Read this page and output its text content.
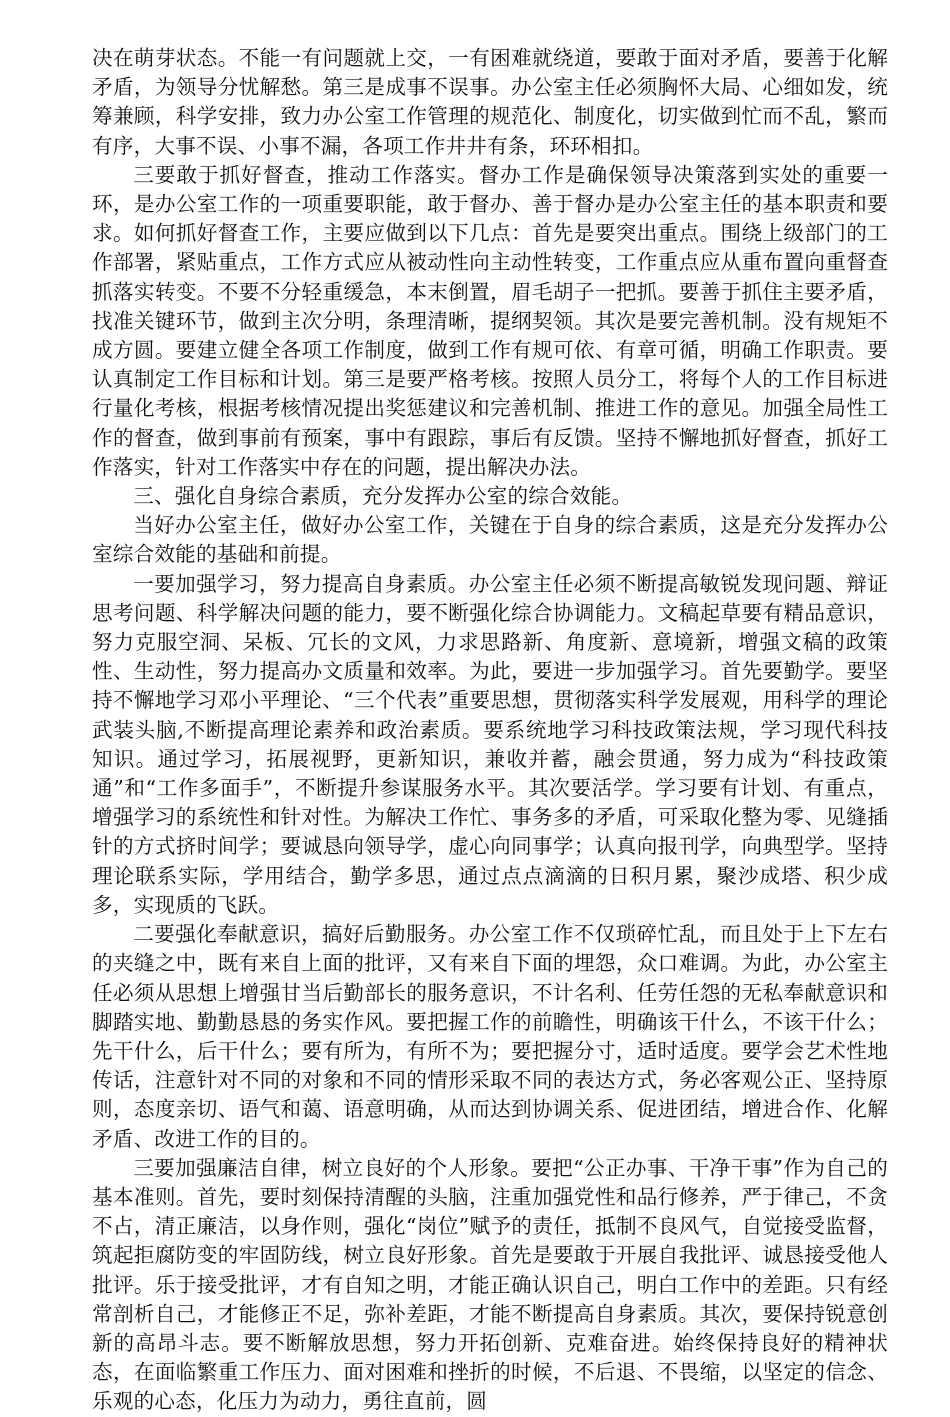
决在萌芽状态。不能一有问题就上交，一有困难就绕道，要敢于面对矛盾，要善于化解矛盾，为领导分忧解愁。第三是成事不误事。办公室主任必须胸怀大局、心细如发，统筹兼顾，科学安排，致力办公室工作管理的规范化、制度化，切实做到忙而不乱，繁而有序，大事不误、小事不漏，各项工作井井有条，环环相扣。

三要敢于抓好督查，推动工作落实。督办工作是确保领导决策落到实处的重要一环，是办公室工作的一项重要职能，敢于督办、善于督办是办公室主任的基本职责和要求。如何抓好督查工作，主要应做到以下几点：首先是要突出重点。围绕上级部门的工作部署，紧贴重点，工作方式应从被动性向主动性转变，工作重点应从重布置向重督查抓落实转变。不要不分轻重缓急，本末倒置，眉毛胡子一把抓。要善于抓住主要矛盾，找准关键环节，做到主次分明，条理清晰，提纲契领。其次是要完善机制。没有规矩不成方圆。要建立健全各项工作制度，做到工作有规可依、有章可循，明确工作职责。要认真制定工作目标和计划。第三是要严格考核。按照人员分工，将每个人的工作目标进行量化考核，根据考核情况提出奖惩建议和完善机制、推进工作的意见。加强全局性工作的督查，做到事前有预案，事中有跟踪，事后有反馈。坚持不懈地抓好督查，抓好工作落实，针对工作落实中存在的问题，提出解决办法。

三、强化自身综合素质，充分发挥办公室的综合效能。

当好办公室主任，做好办公室工作，关键在于自身的综合素质，这是充分发挥办公室综合效能的基础和前提。

一要加强学习，努力提高自身素质。办公室主任必须不断提高敏锐发现问题、辩证思考问题、科学解决问题的能力，要不断强化综合协调能力。文稿起草要有精品意识，努力克服空洞、呆板、冗长的文风，力求思路新、角度新、意境新，增强文稿的政策性、生动性，努力提高办文质量和效率。为此，要进一步加强学习。首先要勤学。要坚持不懈地学习邓小平理论、“三个代表”重要思想，贯彻落实科学发展观，用科学的理论武装头脑,不断提高理论素养和政治素质。要系统地学习科技政策法规，学习现代科技知识。通过学习，拓展视野，更新知识，兼收并蓄，融会贯通，努力成为“科技政策通”和“工作多面手”，不断提升参谋服务水平。其次要活学。学习要有计划、有重点，增强学习的系统性和针对性。为解决工作忙、事务多的矛盾，可采取化整为零、见缝插针的方式挤时间学；要诚恳向领导学，虚心向同事学；认真向报刊学，向典型学。坚持理论联系实际，学用结合，勤学多思，通过点点滴滴的日积月累，聚沙成塔、积少成多，实现质的飞跃。

二要强化奉献意识，搞好后勤服务。办公室工作不仅琐碎忙乱，而且处于上下左右的夹缝之中，既有来自上面的批评，又有来自下面的埋怨，众口难调。为此，办公室主任必须从思想上增强甘当后勤部长的服务意识，不计名利、任劳任怨的无私奉献意识和脚踏实地、勤勤恳恳的务实作风。要把握工作的前瞻性，明确该干什么，不该干什么；先干什么，后干什么；要有所为，有所不为；要把握分寸，适时适度。要学会艺术性地传话，注意针对不同的对象和不同的情形采取不同的表达方式，务必客观公正、坚持原则，态度亲切、语气和蔼、语意明确，从而达到协调关系、促进团结，增进合作、化解矛盾、改进工作的目的。

三要加强廉洁自律，树立良好的个人形象。要把“公正办事、干净干事”作为自己的基本准则。首先，要时刻保持清醒的头脑，注重加强党性和品行修养，严于律己，不贪不占，清正廉洁，以身作则，强化“岗位”赋予的责任，抵制不良风气，自觉接受监督，筑起拒腐防变的牢固防线，树立良好形象。首先是要敢于开展自我批评、诚恳接受他人批评。乐于接受批评，才有自知之明，才能正确认识自己，明白工作中的差距。只有经常剖析自己，才能修正不足，弥补差距，才能不断提高自身素质。其次，要保持锐意创新的高昂斗志。要不断解放思想，努力开拓创新、克难奋进。始终保持良好的精神状态，在面临繁重工作压力、面对困难和挫折的时候，不后退、不畏缩，以坚定的信念、乐观的心态，化压力为动力，勇往直前，圆
